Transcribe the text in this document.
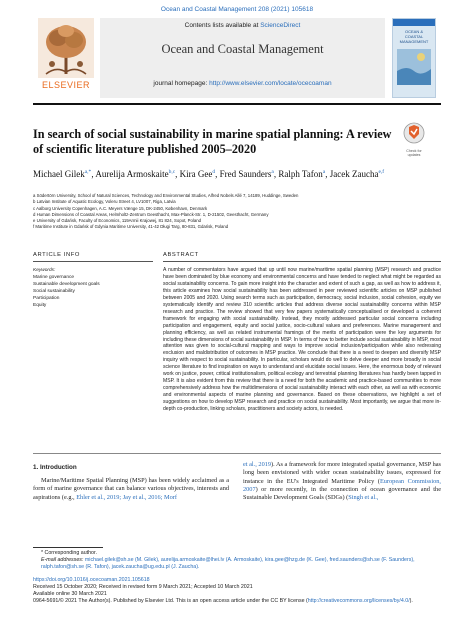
Ocean and Coastal Management 208 (2021) 105618
ELSEVIER
Contents lists available at ScienceDirect
Ocean and Coastal Management
journal homepage: http://www.elsevier.com/locate/ocecoaman
OCEAN &
COASTAL
MANAGEMENT
In search of social sustainability in marine spatial planning: A review of scientific literature published 2005–2020	Check for
updates
Michael Gilek$^{a,*}$, Aurelija Armoskaite$^{b,c}$, Kira Gee$^d$, Fred Saunders$^a$, Ralph Tafon$^a$, Jacek Zaucha$^{e,f}$
a Södertörn University, School of Natural Sciences, Technology and Environmental Studies, Alfred Nobels Allé 7, 14189, Huddinge, Sweden
b Latvian Institute of Aquatic Ecology, Voleru Street 4, LV1007, Riga, Latvia
c Aalborg University Copenhagen, A.C. Meyers Vænge 15, DK-2450, København, Denmark
d Human Dimensions of Coastal Areas, Helmholtz-Zentrum Geesthacht, Max-Planck-Str. 1, D-21502, Geesthacht, Germany
e University of Gdańsk, Faculty of Economics, 119Armii Krajowej, 81 824, Sopot, Poland
f Maritime Institute in Gdańsk of Gdynia Maritime University, 41-42 Długi Targ, 80-831, Gdańsk, Poland
ARTICLE INFO	ABSTRACT
Keywords:
Marine governance
Sustainable development goals
Social sustainability
Participation
Equity
A number of commentators have argued that up until now marine/maritime spatial planning (MSP) research and practice have been dominated by blue economy and environmental concerns and have tended to neglect what might be regarded as social sustainability concerns. To gain more insight into the character and extent of such a gap, as well as how to address it, this article examines how social sustainability has been addressed in peer reviewed scientific articles on MSP published between 2005 and 2020. Using search terms such as participation, democracy, social inclusion, social cohesion, equity we systematically identify and review 310 scientific articles that address diverse social sustainability concerns within MSP research and practice. The review showed that very few papers systematically conceptualised or developed a coherent framework for engaging with social sustainability. Instead, they mostly addressed particular social concerns including participation and engagement, equity and social justice, socio-cultural values and preferences. Marine management and planning efficiency, as well as related instrumental framings of the merits of participation were the key arguments for including these dimensions of social sustainability in MSP. In terms of how to better include social sustainability in MSP, most attention was given to social-cultural mapping and ways to improve social inclusion/participation while also redressing exclusion and maldistribution of outcomes in MSP practice. We conclude that there is a need to deepen and diversify MSP inquiry with respect to social sustainability. In particular, scholars would do well to delve deeper and more broadly in social science literature to find inspiration on ways to understand and elucidate social issues. Here, the enormous body of relevant work on justice, power, critical institutionalism, political ecology and terrestrial planning literatures has hardly been tapped in MSP. It is also evident from this review that there is a need for both the academic and practice-based communities to more comprehensively address how the multidimensions of social sustainability interact with each other, as well as with economic and environmental aspects of marine planning and governance. Based on these observations, we highlight a set of suggestions on how to develop MSP research and practice on social sustainability. Most importantly, we argue that more in-depth co-production, linking scholars, practitioners and society actors, is needed.
1. Introduction
Marine/Maritime Spatial Planning (MSP) has been widely acclaimed as a form of marine governance that can balance various objectives, interests and aspirations (e.g., Ehler et al., 2019; Jay et al., 2016; Morf
et al., 2019). As a framework for more integrated spatial governance, MSP has long been envisioned with wider ocean sustainability issues, expressed for instance in the EU's Integrated Maritime Policy (European Commission, 2007) or more recently, in the connection of ocean governance and the Sustainable Development Goals (SDGs) (Singh et al.,
* Corresponding author.
E-mail addresses: michael.gilek@sh.se (M. Gilek), aurelija.armoskaite@lhei.lv (A. Armoskaite), kira.gee@hzg.de (K. Gee), fred.saunders@sh.se (F. Saunders), ralph.tafon@sh.se (R. Tafon), jacek.zaucha@ug.edu.pl (J. Zaucha).
https://doi.org/10.1016/j.ocecoaman.2021.105618
Received 15 October 2020; Received in revised form 9 March 2021; Accepted 10 March 2021
Available online 30 March 2021
0964-5691/© 2021 The Author(s). Published by Elsevier Ltd. This is an open access article under the CC BY license (http://creativecommons.org/licenses/by/4.0/).
